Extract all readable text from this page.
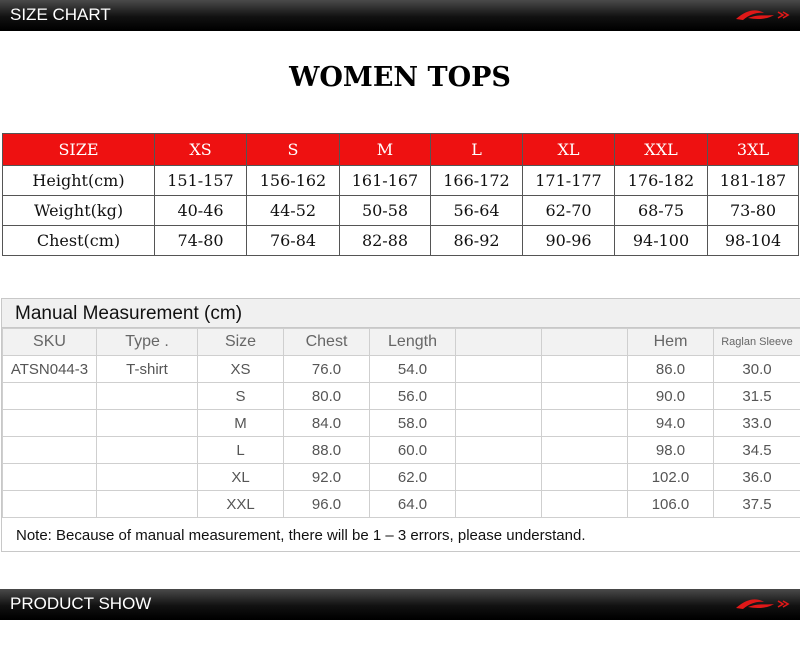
SIZE CHART
WOMEN TOPS
SIZE	XS	S	M	L	XL	XXL	3XL
Height(cm)	151-157	156-162	161-167	166-172	171-177	176-182	181-187
Weight(kg)	40-46	44-52	50-58	56-64	62-70	68-75	73-80
Chest(cm)	74-80	76-84	82-88	86-92	90-96	94-100	98-104
Manual Measurement (cm)
SKU	Type .	Size	Chest	Length			Hem	Raglan Sleeve
ATSN044-3	T-shirt	XS	76.0	54.0			86.0	30.0
		S	80.0	56.0			90.0	31.5
		M	84.0	58.0			94.0	33.0
		L	88.0	60.0			98.0	34.5
		XL	92.0	62.0			102.0	36.0
		XXL	96.0	64.0			106.0	37.5
Note: Because of manual measurement, there will be 1 – 3 errors, please understand.
PRODUCT SHOW
